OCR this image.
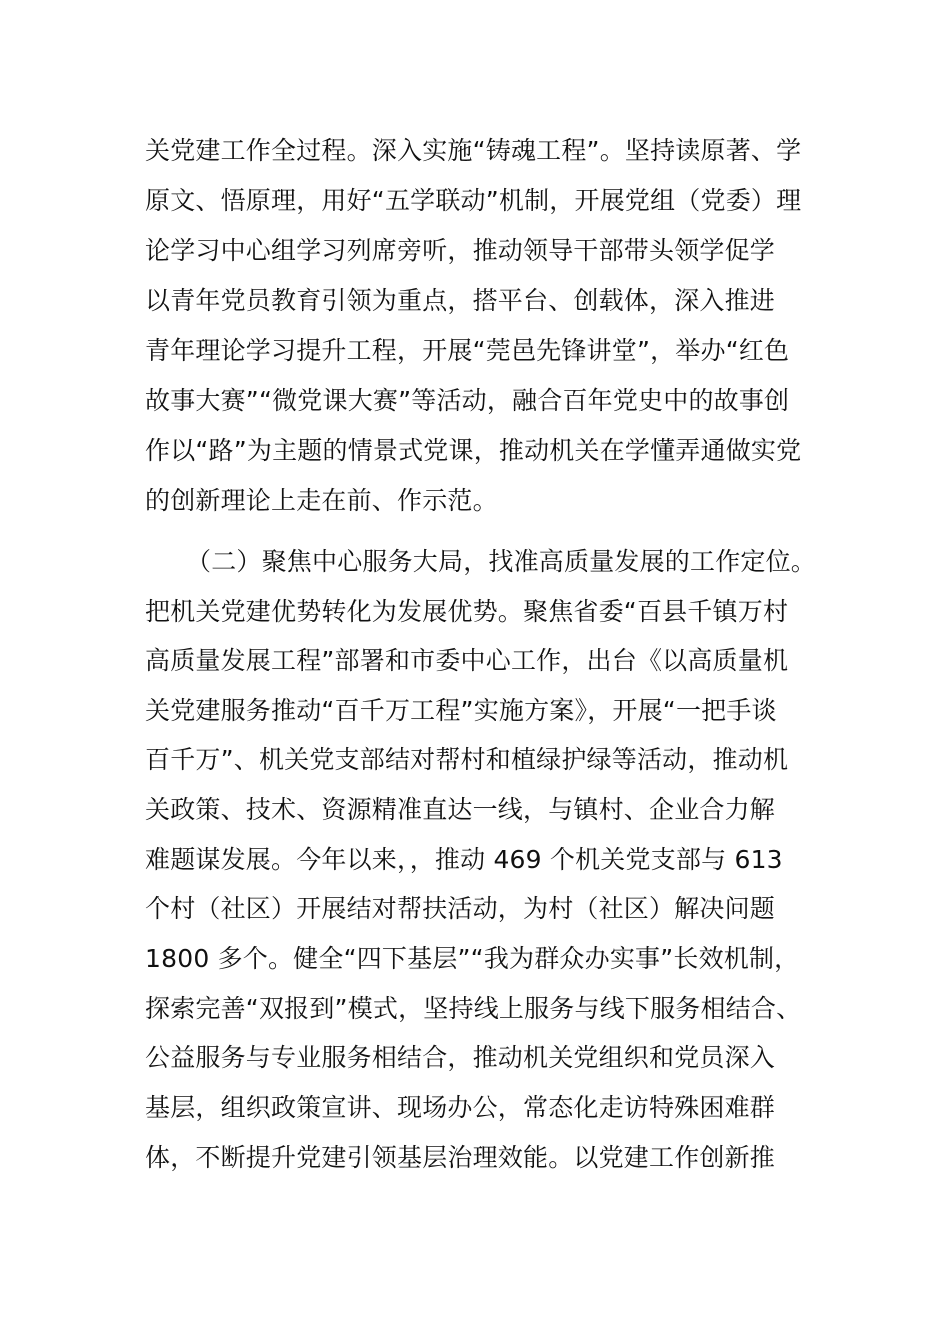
关党建工作全过程。深入实施“铸魂工程”。坚持读原著、学
原文、悟原理，用好“五学联动”机制，开展党组（党委）理
论学习中心组学习列席旁听，推动领导干部带头领学促学
以青年党员教育引领为重点，搭平台、创载体，深入推进
青年理论学习提升工程，开展“莞邑先锋讲堂”，举办“红色
故事大赛”“微党课大赛”等活动，融合百年党史中的故事创
作以“路”为主题的情景式党课，推动机关在学懂弄通做实党
的创新理论上走在前、作示范。
（二）聚焦中心服务大局，找准高质量发展的工作定位。
把机关党建优势转化为发展优势。聚焦省委“百县千镇万村
高质量发展工程”部署和市委中心工作，出台《以高质量机
关党建服务推动“百千万工程”实施方案》，开展“一把手谈
百千万”、机关党支部结对帮村和植绿护绿等活动，推动机
关政策、技术、资源精准直达一线，与镇村、企业合力解
难题谋发展。今年以来，，推动 469 个机关党支部与 613
个村（社区）开展结对帮扶活动，为村（社区）解决问题
1800 多个。健全“四下基层”“我为群众办实事”长效机制，
探索完善“双报到”模式，坚持线上服务与线下服务相结合、
公益服务与专业服务相结合，推动机关党组织和党员深入
基层，组织政策宣讲、现场办公，常态化走访特殊困难群
体，不断提升党建引领基层治理效能。以党建工作创新推
